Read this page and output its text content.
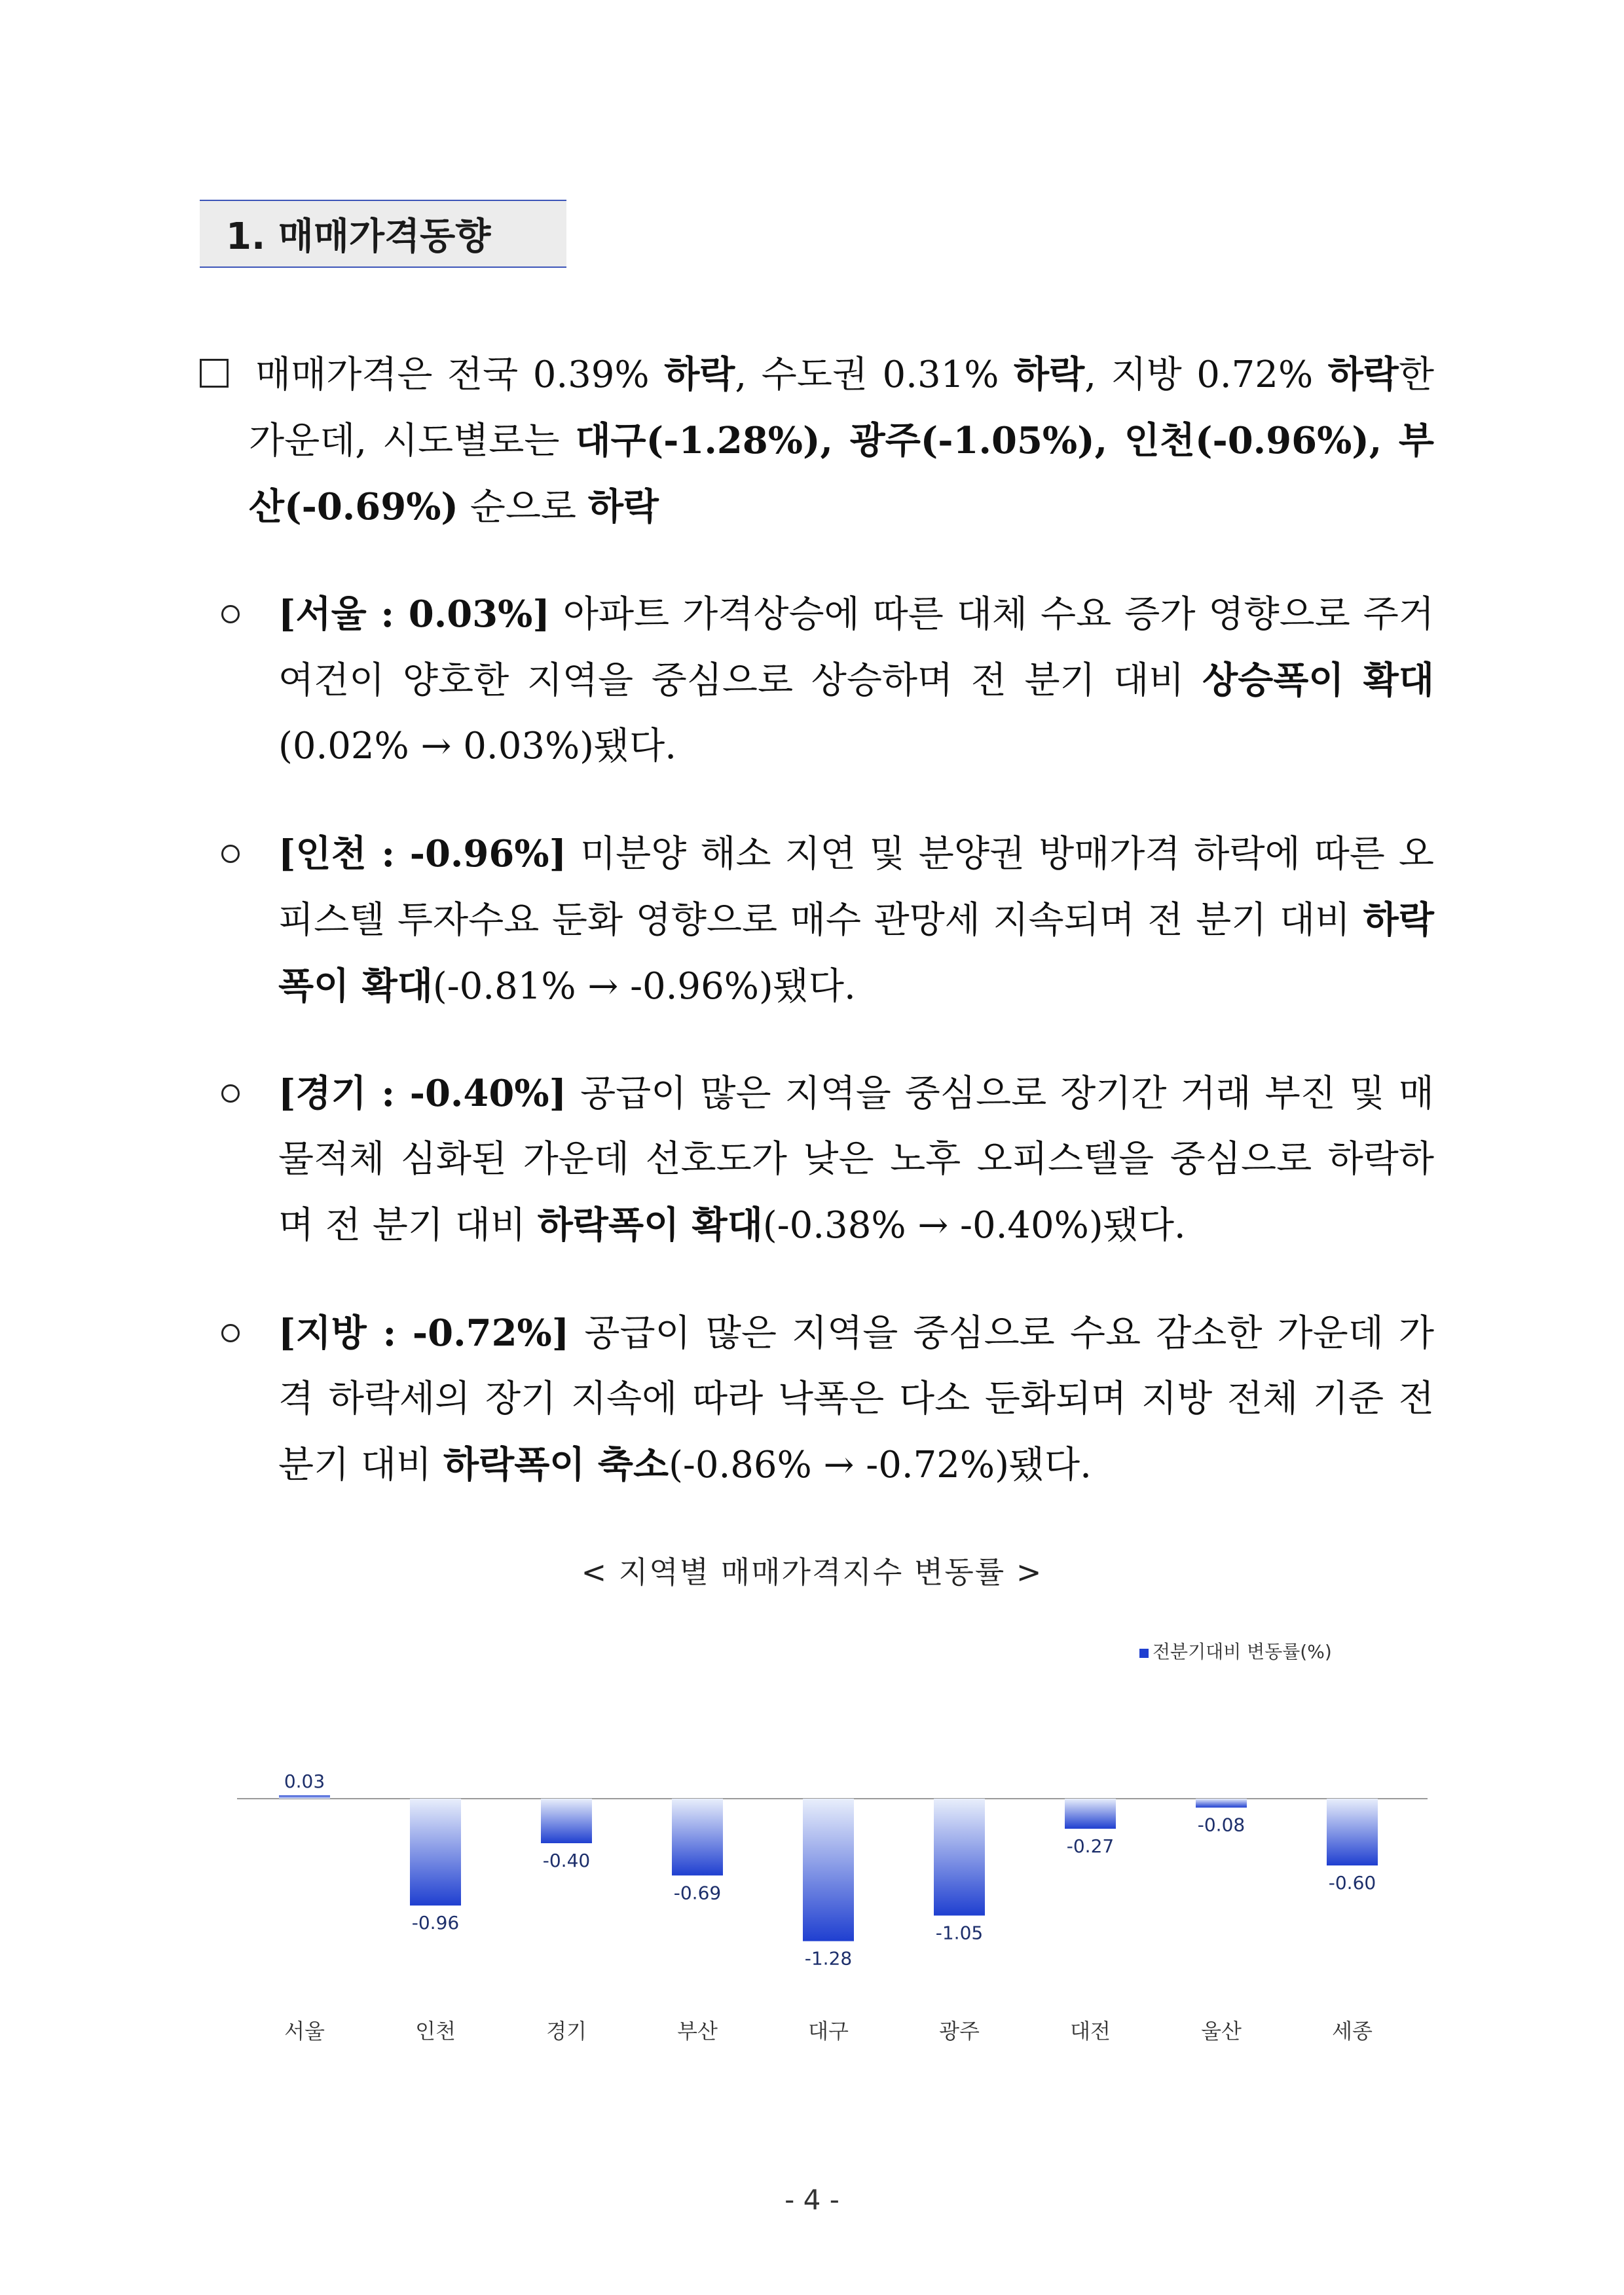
1. 매매가격동향
매매가격은 전국 0.39% 하락, 수도권 0.31% 하락, 지방 0.72% 하락한 가운데, 시도별로는 대구(-1.28%), 광주(-1.05%), 인천(-0.96%), 부산(-0.69%) 순으로 하락
[서울 : 0.03%] 아파트 가격상승에 따른 대체 수요 증가 영향으로 주거여건이 양호한 지역을 중심으로 상승하며 전 분기 대비 상승폭이 확대(0.02% → 0.03%)됐다.
[인천 : -0.96%] 미분양 해소 지연 및 분양권 방매가격 하락에 따른 오피스텔 투자수요 둔화 영향으로 매수 관망세 지속되며 전 분기 대비 하락폭이 확대(-0.81% → -0.96%)됐다.
[경기 : -0.40%] 공급이 많은 지역을 중심으로 장기간 거래 부진 및 매물적체 심화된 가운데 선호도가 낮은 노후 오피스텔을 중심으로 하락하며 전 분기 대비 하락폭이 확대(-0.38% → -0.40%)됐다.
[지방 : -0.72%] 공급이 많은 지역을 중심으로 수요 감소한 가운데 가격 하락세의 장기 지속에 따라 낙폭은 다소 둔화되며 지방 전체 기준 전 분기 대비 하락폭이 축소(-0.86% → -0.72%)됐다.
< 지역별 매매가격지수 변동률 >
전분기대비 변동률(%)
0.03
서울
-0.96
인천
-0.40
경기
-0.69
부산
-1.28
대구
-1.05
광주
-0.27
대전
-0.08
울산
-0.60
세종
- 4 -
